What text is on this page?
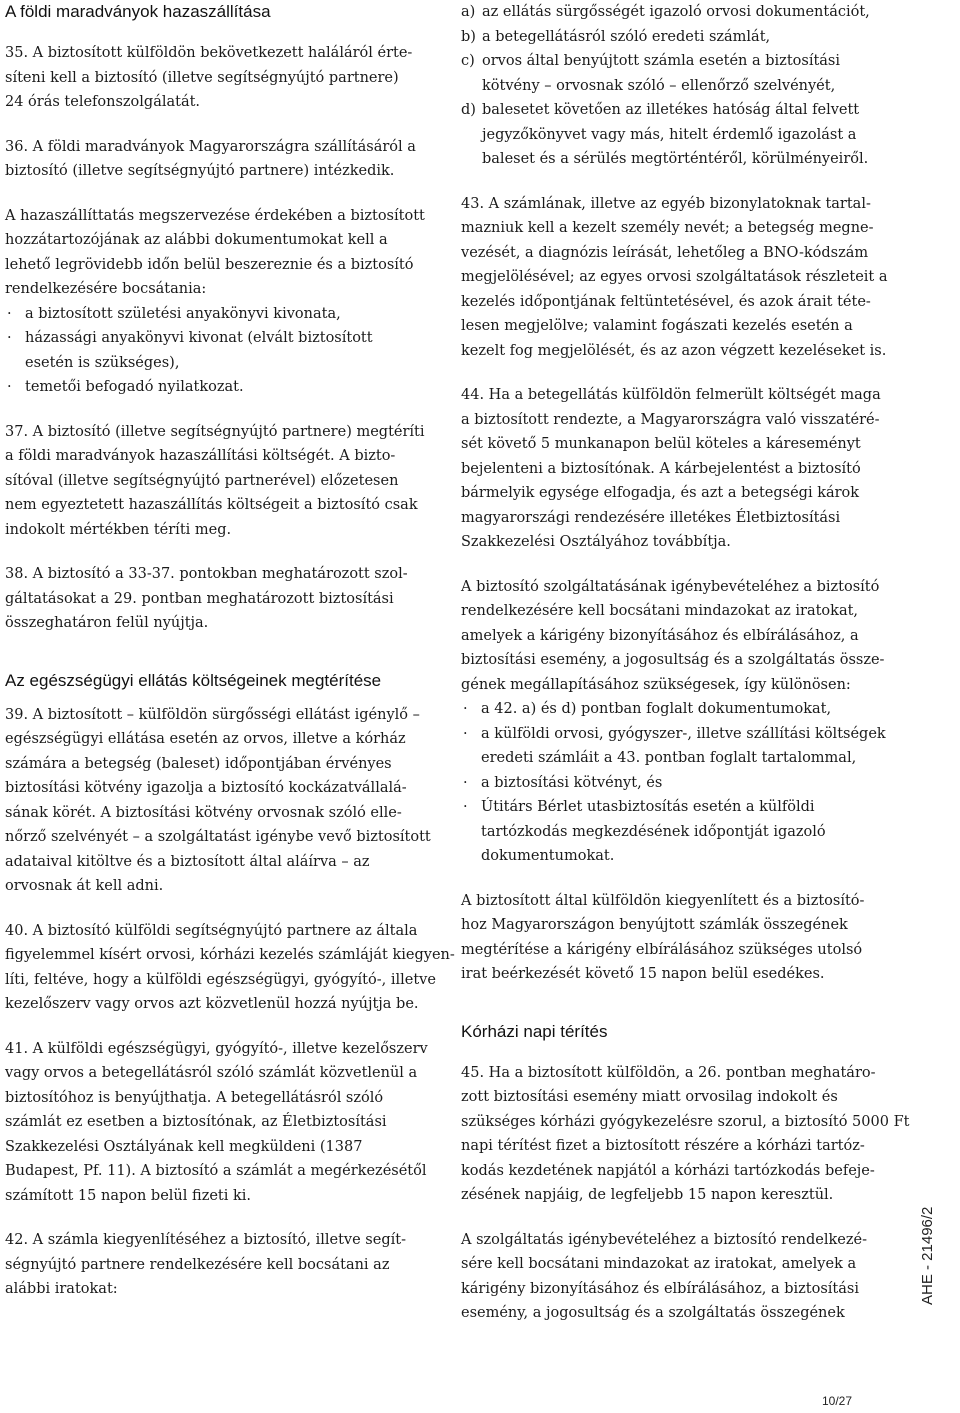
A földi maradványok hazaszállítása
35. A biztosított külföldön bekövetkezett haláláról érte-
síteni kell a biztosító (illetve segítségnyújtó partnere)
24 órás telefonszolgálatát.
36. A földi maradványok Magyarországra szállításáról a
biztosító (illetve segítségnyújtó partnere) intézkedik.
A hazaszállíttatás megszervezése érdekében a biztosított
hozzátartozójának az alábbi dokumentumokat kell a
lehető legrövidebb időn belül beszereznie és a biztosító
rendelkezésére bocsátania:
· a biztosított születési anyakönyvi kivonata,
· házassági anyakönyvi kivonat (elvált biztosított
esetén is szükséges),
· temetői befogadó nyilatkozat.
37. A biztosító (illetve segítségnyújtó partnere) megtéríti
a földi maradványok hazaszállítási költségét. A bizto-
sítóval (illetve segítségnyújtó partnerével) előzetesen
nem egyeztetett hazaszállítás költségeit a biztosító csak
indokolt mértékben téríti meg.
38. A biztosító a 33-37. pontokban meghatározott szol-
gáltatásokat a 29. pontban meghatározott biztosítási
összeghatáron felül nyújtja.
Az egészségügyi ellátás költségeinek megtérítése
39. A biztosított – külföldön sürgősségi ellátást igénylő –
egészségügyi ellátása esetén az orvos, illetve a kórház
számára a betegség (baleset) időpontjában érvényes
biztosítási kötvény igazolja a biztosító kockázatvállalá-
sának körét. A biztosítási kötvény orvosnak szóló elle-
nőrző szelvényét – a szolgáltatást igénybe vevő biztosított
adataival kitöltve és a biztosított által aláírva – az
orvosnak át kell adni.
40. A biztosító külföldi segítségnyújtó partnere az általa
figyelemmel kísért orvosi, kórházi kezelés számláját kiegyen-
líti, feltéve, hogy a külföldi egészségügyi, gyógyító-, illetve
kezelőszerv vagy orvos azt közvetlenül hozzá nyújtja be.
41. A külföldi egészségügyi, gyógyító-, illetve kezelőszerv
vagy orvos a betegellátásról szóló számlát közvetlenül a
biztosítóhoz is benyújthatja. A betegellátásról szóló
számlát ez esetben a biztosítónak, az Életbiztosítási
Szakkezelési Osztályának kell megküldeni (1387
Budapest, Pf. 11). A biztosító a számlát a megérkezésétől
számított 15 napon belül fizeti ki.
42. A számla kiegyenlítéséhez a biztosító, illetve segít-
ségnyújtó partnere rendelkezésére kell bocsátani az
alábbi iratokat:
a) az ellátás sürgősségét igazoló orvosi dokumentációt,
b) a betegellátásról szóló eredeti számlát,
c) orvos által benyújtott számla esetén a biztosítási
kötvény – orvosnak szóló – ellenőrző szelvényét,
d) balesetet követően az illetékes hatóság által felvett
jegyzőkönyvet vagy más, hitelt érdemlő igazolást a
baleset és a sérülés megtörténtéről, körülményeiről.
43. A számlának, illetve az egyéb bizonylatoknak tartal-
mazniuk kell a kezelt személy nevét; a betegség megne-
vezését, a diagnózis leírását, lehetőleg a BNO-kódszám
megjelölésével; az egyes orvosi szolgáltatások részleteit a
kezelés időpontjának feltüntetésével, és azok árait téte-
lesen megjelölve; valamint fogászati kezelés esetén a
kezelt fog megjelölését, és az azon végzett kezeléseket is.
44. Ha a betegellátás külföldön felmerült költségét maga
a biztosított rendezte, a Magyarországra való visszatéré-
sét követő 5 munkanapon belül köteles a káreseményt
bejelenteni a biztosítónak. A kárbejelentést a biztosító
bármelyik egysége elfogadja, és azt a betegségi károk
magyarországi rendezésére illetékes Életbiztosítási
Szakkezelési Osztályához továbbítja.
A biztosító szolgáltatásának igénybevételéhez a biztosító
rendelkezésére kell bocsátani mindazokat az iratokat,
amelyek a kárigény bizonyításához és elbírálásához, a
biztosítási esemény, a jogosultság és a szolgáltatás össze-
gének megállapításához szükségesek, így különösen:
· a 42. a) és d) pontban foglalt dokumentumokat,
· a külföldi orvosi, gyógyszer-, illetve szállítási költségek
eredeti számláit a 43. pontban foglalt tartalommal,
· a biztosítási kötvényt, és
· Útitárs Bérlet utasbiztosítás esetén a külföldi
tartózkodás megkezdésének időpontját igazoló
dokumentumokat.
A biztosított által külföldön kiegyenlített és a biztosító-
hoz Magyarországon benyújtott számlák összegének
megtérítése a kárigény elbírálásához szükséges utolsó
irat beérkezését követő 15 napon belül esedékes.
Kórházi napi térítés
45. Ha a biztosított külföldön, a 26. pontban meghatáro-
zott biztosítási esemény miatt orvosilag indokolt és
szükséges kórházi gyógykezelésre szorul, a biztosító 5000 Ft
napi térítést fizet a biztosított részére a kórházi tartóz-
kodás kezdetének napjától a kórházi tartózkodás befeje-
zésének napjáig, de legfeljebb 15 napon keresztül.
A szolgáltatás igénybevételéhez a biztosító rendelkezé-
sére kell bocsátani mindazokat az iratokat, amelyek a
kárigény bizonyításához és elbírálásához, a biztosítási
esemény, a jogosultság és a szolgáltatás összegének
AHE - 21496/2
10/27
